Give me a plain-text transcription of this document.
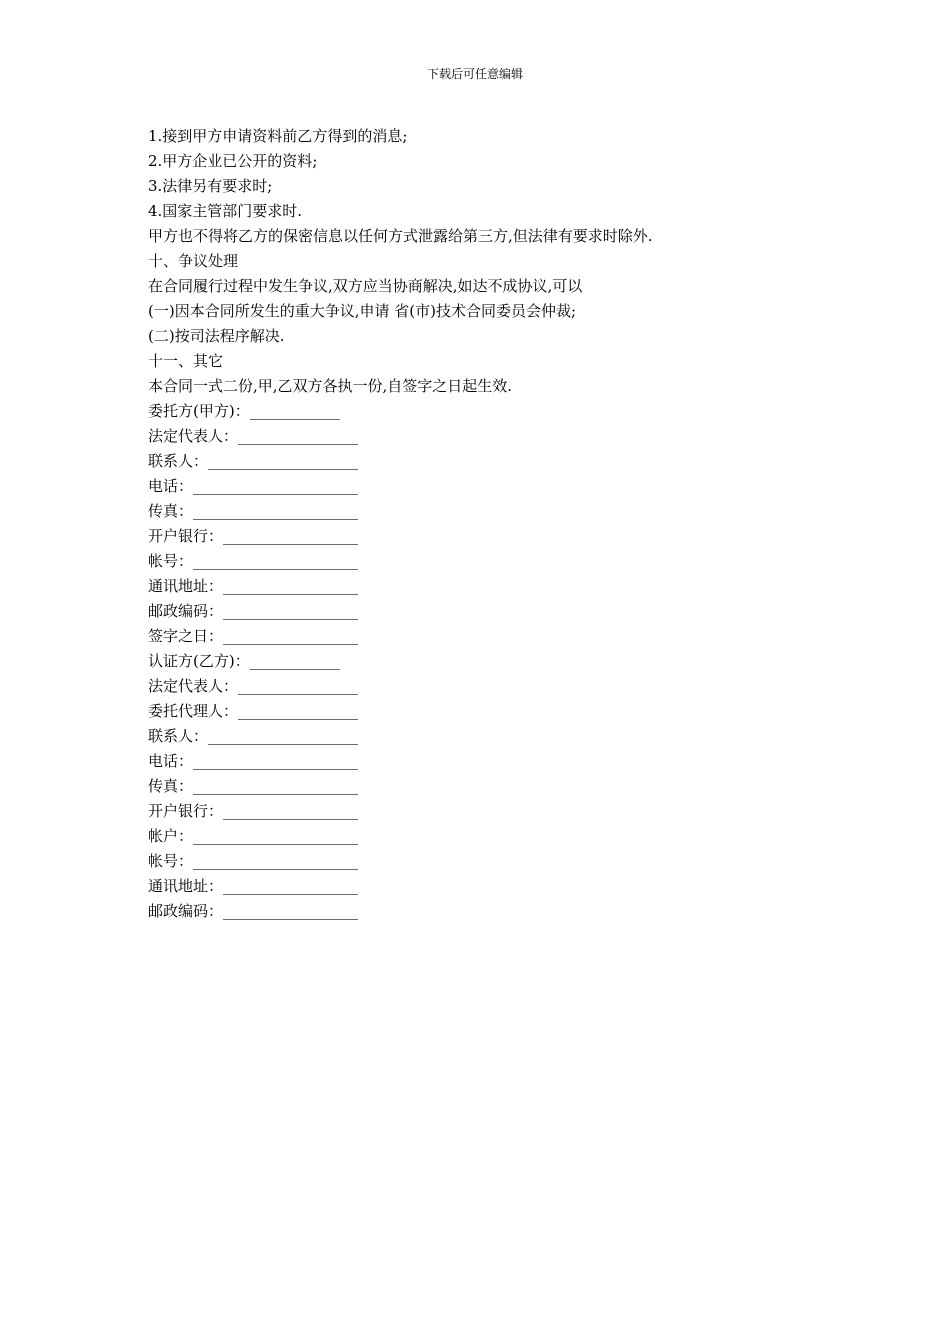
下载后可任意编辑
1.接到甲方申请资料前乙方得到的消息;
2.甲方企业已公开的资料;
3.法律另有要求时;
4.国家主管部门要求时.
甲方也不得将乙方的保密信息以任何方式泄露给第三方,但法律有要求时除外.
十、争议处理
在合同履行过程中发生争议,双方应当协商解决,如达不成协议,可以
(一)因本合同所发生的重大争议,申请 省(市)技术合同委员会仲裁;
(二)按司法程序解决.
十一、其它
本合同一式二份,甲,乙双方各执一份,自签字之日起生效.
委托方(甲方)：____________
法定代表人：________________
联系人：____________________
电话：______________________
传真：______________________
开户银行：__________________
帐号：______________________
通讯地址：__________________
邮政编码：__________________
签字之日：__________________
认证方(乙方)：____________
法定代表人：________________
委托代理人：________________
联系人：____________________
电话：______________________
传真：______________________
开户银行：__________________
帐户：______________________
帐号：______________________
通讯地址：__________________
邮政编码：__________________
